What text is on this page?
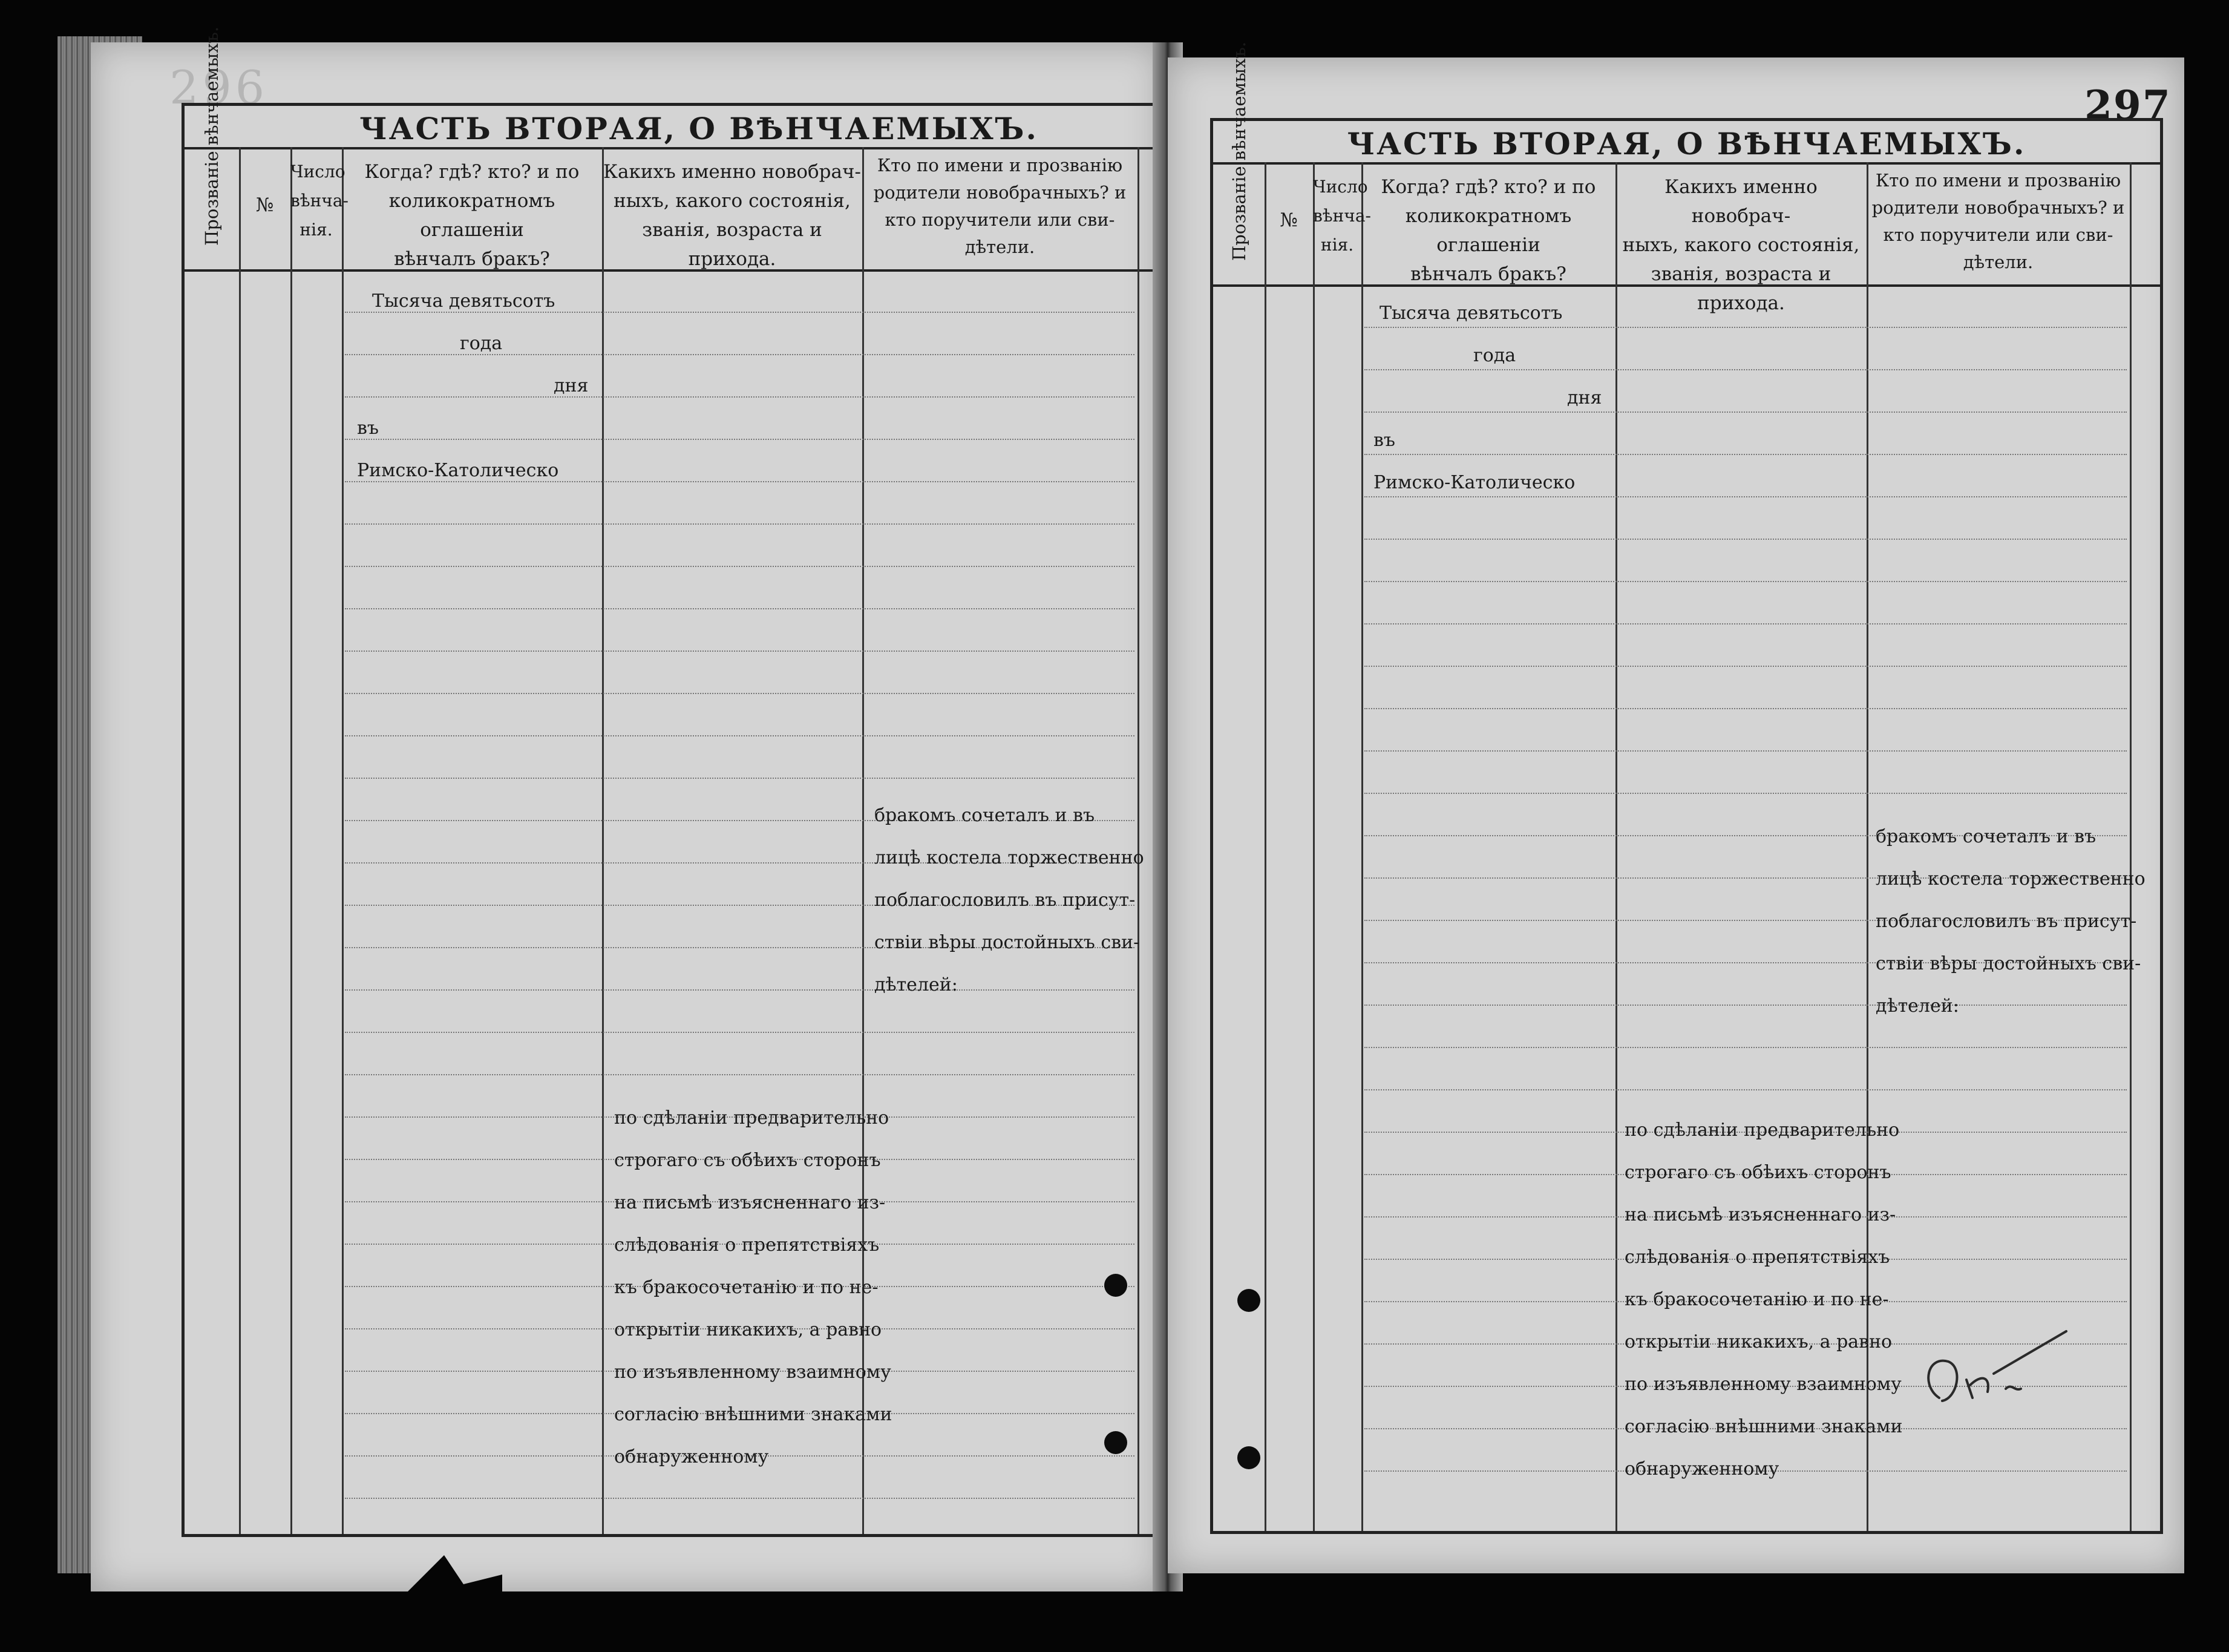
296
ЧАСТЬ ВТОРАЯ, О ВѢНЧАЕМЫХЪ.
Прозванiе вѣнчаемыхъ.	№
Число
вѣнча-
нія.
Когда? гдѣ? кто? и по
коликократномъ оглашенiи
вѣнчалъ бракъ?
Какихъ именно новобрач-
ныхъ, какого состоянія,
званія, возраста и прихода.
Кто по имени и прозванію
родители новобрачныхъ? и
кто поручители или сви-
дѣтели.
Тысяча девятьсотъ
года
дня
въ
Римско-Католическо
бракомъ сочеталъ и въ
лицѣ костела торжественно
поблагословилъ въ присут-
ствiи вѣры достойныхъ сви-
дѣтелей:
по сдѣланiи предварительно
строгаго съ обѣихъ сторонъ
на письмѣ изъясненнаго из-
слѣдованія о препятствiяхъ
къ бракосочетанію и по не-
открытіи никакихъ, а равно
по изъявленному взаимному
согласію внѣшними знаками
обнаруженному
297
ЧАСТЬ ВТОРАЯ, О ВѢНЧАЕМЫХЪ.
Прозванiе вѣнчаемыхъ.	№
Число
вѣнча-
нія.
Когда? гдѣ? кто? и по
коликократномъ оглашенiи
вѣнчалъ бракъ?
Какихъ именно новобрач-
ныхъ, какого состоянія,
званія, возраста и прихода.
Кто по имени и прозванію
родители новобрачныхъ? и
кто поручители или сви-
дѣтели.
Тысяча девятьсотъ
года
дня
въ
Римско-Католическо
бракомъ сочеталъ и въ
лицѣ костела торжественно
поблагословилъ въ присут-
ствiи вѣры достойныхъ сви-
дѣтелей:
по сдѣланiи предварительно
строгаго съ обѣихъ сторонъ
на письмѣ изъясненнаго из-
слѣдованія о препятствiяхъ
къ бракосочетанію и по не-
открытіи никакихъ, а равно
по изъявленному взаимному
согласію внѣшними знаками
обнаруженному
